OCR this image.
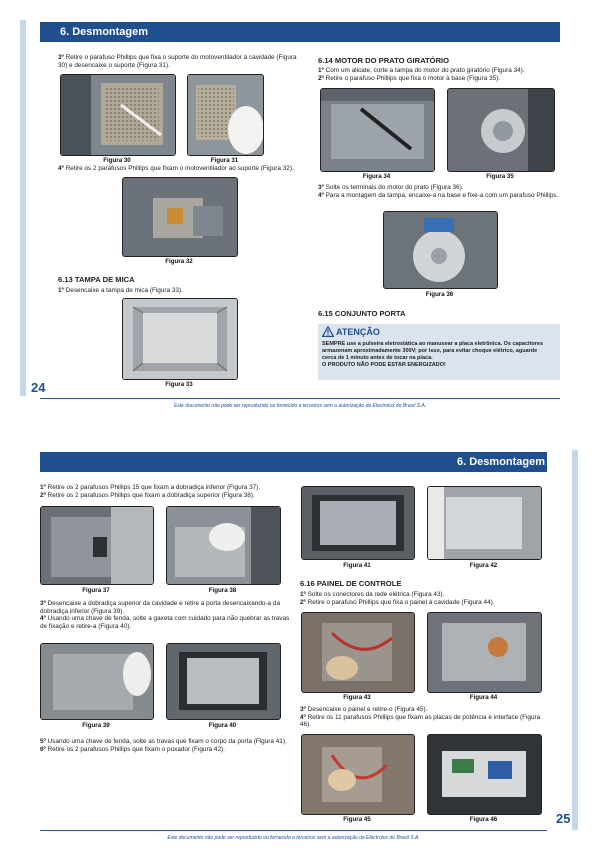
6. Desmontagem
3º Retire o parafuso Phillips que fixa o suporte do motoventilador à cavidade (Figura 30) e desencaixe o suporte (Figura 31).
Figura 30	Figura 31
4º Retire os 2 parafusos Phillips que fixam o motoventilador ao suporte (Figura 32).
Figura 32
6.13 TAMPA DE MICA
1º Desencaixe a tampa de mica (Figura 33).
Figura 33
6.14 MOTOR DO PRATO GIRATÓRIO
1º Com um alicate, corte a tampa do motor do prato giratório (Figura 34).
2º Retire o parafuso Phillips que fixa o motor à base (Figura 35).
Figura 34	Figura 35
3º Solte os terminais do motor do prato (Figura 36).
4º Para a montagem da tampa, encaixe-a na base e fixe-a com um parafuso Phillips.
Figura 36
6.15 CONJUNTO PORTA
ATENÇÃO
SEMPRE use a pulseira eletrostática ao manusear a placa eletrônica. Os capacitores
armazenam aproximadamente 300V; por isso, para evitar choque elétrico, aguarde
cerca de 1 minuto antes de tocar na placa.
O PRODUTO NÃO PODE ESTAR ENERGIZADO!
24
Este documento não pode ser reproduzido ou fornecido a terceiros sem a autorização da Electrolux do Brasil S.A.
6. Desmontagem
1º Retire os 2 parafusos Phillips 15 que fixam a dobradiça inferior (Figura 37).
2º Retire os 2 parafusos Phillips que fixam a dobradiça superior (Figura 38).
Figura 37	Figura 38
Figura 41	Figura 42
3º Desencaixe a dobradiça superior da cavidade e retire a porta desencaixando-a da dobradiça inferior (Figura 39).
4º Usando uma chave de fenda, solte a gaxeta com cuidado para não quebrar as travas de fixação e retire-a (Figura 40).
Figura 39	Figura 40
5º Usando uma chave de fenda, solte as travas que fixam o corpo da porta (Figura 41).
6º Retire os 2 parafusos Phillips que fixam o puxador (Figura 42).
6.16 PAINEL DE CONTROLE
1º Solte os conectores da rede elétrica (Figura 43).
2º Retire o parafuso Phillips que fixa o painel à cavidade (Figura 44).
Figura 43	Figura 44
3º Desencaixe o painel e retire-o (Figura 45).
4º Retire os 11 parafusos Phillips que fixam as placas de potência e interface (Figura 46).
Figura 45	Figura 46	25
Este documento não pode ser reproduzido ou fornecido a terceiros sem a autorização da Electrolux do Brasil S.A.
